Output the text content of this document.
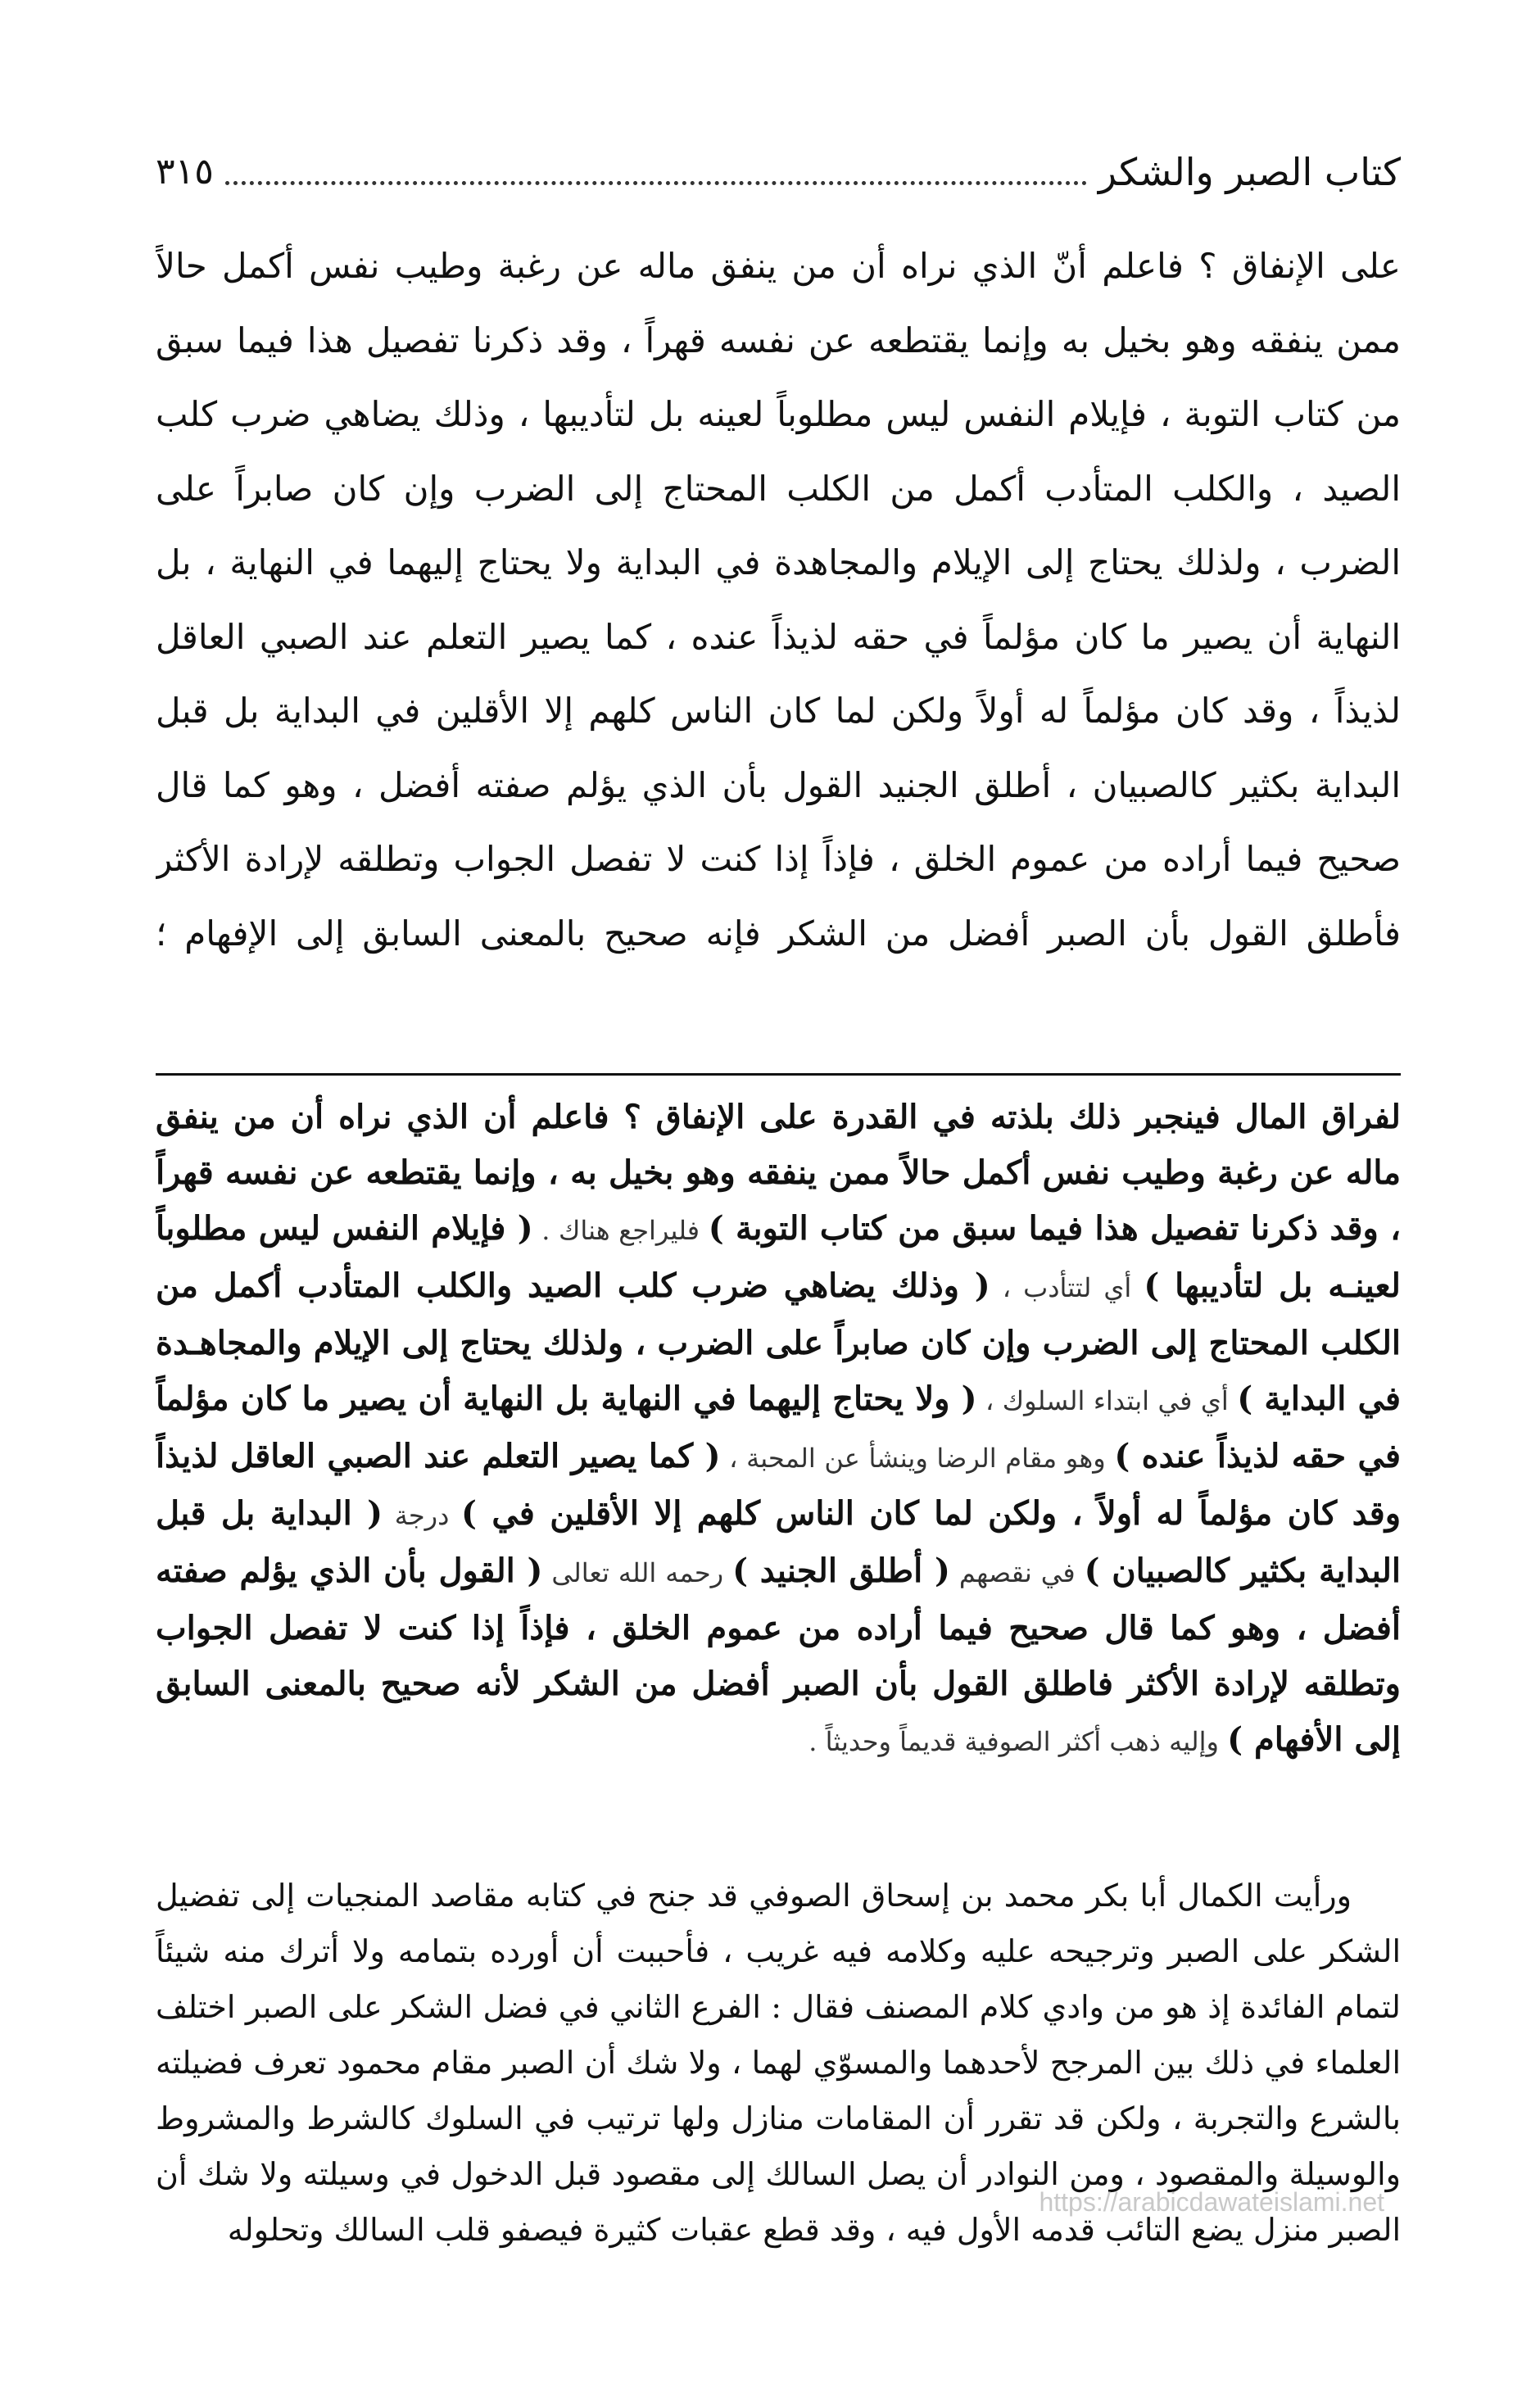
كتاب الصبر والشكر
٣١٥

على الإنفاق ؟ فاعلم أنّ الذي نراه أن من ينفق ماله عن رغبة وطيب نفس أكمل حالاً ممن ينفقه وهو بخيل به وإنما يقتطعه عن نفسه قهراً ، وقد ذكرنا تفصيل هذا فيما سبق من كتاب التوبة ، فإيلام النفس ليس مطلوباً لعينه بل لتأديبها ، وذلك يضاهي ضرب كلب الصيد ، والكلب المتأدب أكمل من الكلب المحتاج إلى الضرب وإن كان صابراً على الضرب ، ولذلك يحتاج إلى الإيلام والمجاهدة في البداية ولا يحتاج إليهما في النهاية ، بل النهاية أن يصير ما كان مؤلماً في حقه لذيذاً عنده ، كما يصير التعلم عند الصبي العاقل لذيذاً ، وقد كان مؤلماً له أولاً ولكن لما كان الناس كلهم إلا الأقلين في البداية بل قبل البداية بكثير كالصبيان ، أطلق الجنيد القول بأن الذي يؤلم صفته أفضل ، وهو كما قال صحيح فيما أراده من عموم الخلق ، فإذاً إذا كنت لا تفصل الجواب وتطلقه لإرادة الأكثر فأطلق القول بأن الصبر أفضل من الشكر فإنه صحيح بالمعنى السابق إلى الإفهام ؛

لفراق المال فينجبر ذلك بلذته في القدرة على الإنفاق ؟ فاعلم أن الذي نراه أن من ينفق ماله عن رغبة وطيب نفس أكمل حالاً ممن ينفقه وهو بخيل به ، وإنما يقتطعه عن نفسه قهراً ، وقد ذكرنا تفصيل هذا فيما سبق من كتاب التوبة ) فليراجع هناك . ( فإيلام النفس ليس مطلوباً لعينـه بل لتأديبها ) أي لتتأدب ، ( وذلك يضاهي ضرب كلب الصيد والكلب المتأدب أكمل من الكلب المحتاج إلى الضرب وإن كان صابراً على الضرب ، ولذلك يحتاج إلى الإيلام والمجاهـدة في البداية ) أي في ابتداء السلوك ، ( ولا يحتاج إليهما في النهاية بل النهاية أن يصير ما كان مؤلماً في حقه لذيذاً عنده ) وهو مقام الرضا وينشأ عن المحبة ، ( كما يصير التعلم عند الصبي العاقل لذيذاً وقد كان مؤلماً له أولاً ، ولكن لما كان الناس كلهم إلا الأقلين في ) درجة ( البداية بل قبل البداية بكثير كالصبيان ) في نقصهم ( أطلق الجنيد ) رحمه الله تعالى ( القول بأن الذي يؤلم صفته أفضل ، وهو كما قال صحيح فيما أراده من عموم الخلق ، فإذاً إذا كنت لا تفصل الجواب وتطلقه لإرادة الأكثر فاطلق القول بأن الصبر أفضل من الشكر لأنه صحيح بالمعنى السابق إلى الأفهام ) وإليه ذهب أكثر الصوفية قديماً وحديثاً .

ورأيت الكمال أبا بكر محمد بن إسحاق الصوفي قد جنح في كتابه مقاصد المنجيات إلى تفضيل الشكر على الصبر وترجيحه عليه وكلامه فيه غريب ، فأحببت أن أورده بتمامه ولا أترك منه شيئاً لتمام الفائدة إذ هو من وادي كلام المصنف فقال : الفرع الثاني في فضل الشكر على الصبر اختلف العلماء في ذلك بين المرجح لأحدهما والمسوّي لهما ، ولا شك أن الصبر مقام محمود تعرف فضيلته بالشرع والتجربة ، ولكن قد تقرر أن المقامات منازل ولها ترتيب في السلوك كالشرط والمشروط والوسيلة والمقصود ، ومن النوادر أن يصل السالك إلى مقصود قبل الدخول في وسيلته ولا شك أن الصبر منزل يضع التائب قدمه الأول فيه ، وقد قطع عقبات كثيرة فيصفو قلب السالك وتحلوله

https://arabicdawateislami.net
